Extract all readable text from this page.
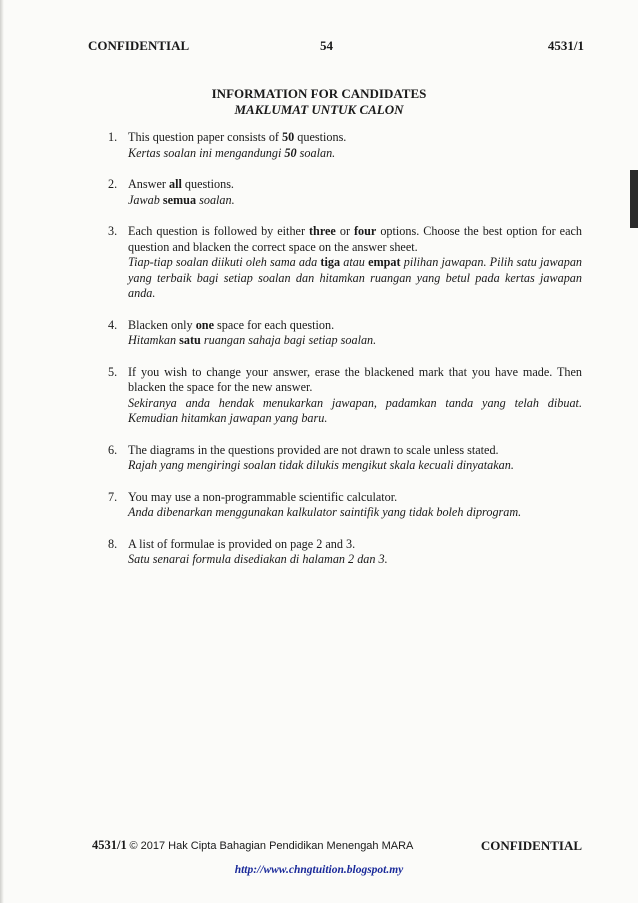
CONFIDENTIAL	54	4531/1
INFORMATION FOR CANDIDATES
MAKLUMAT UNTUK CALON
1. This question paper consists of 50 questions.
Kertas soalan ini mengandungi 50 soalan.
2. Answer all questions.
Jawab semua soalan.
3. Each question is followed by either three or four options. Choose the best option for each question and blacken the correct space on the answer sheet.
Tiap-tiap soalan diikuti oleh sama ada tiga atau empat pilihan jawapan. Pilih satu jawapan yang terbaik bagi setiap soalan dan hitamkan ruangan yang betul pada kertas jawapan anda.
4. Blacken only one space for each question.
Hitamkan satu ruangan sahaja bagi setiap soalan.
5. If you wish to change your answer, erase the blackened mark that you have made. Then blacken the space for the new answer.
Sekiranya anda hendak menukarkan jawapan, padamkan tanda yang telah dibuat. Kemudian hitamkan jawapan yang baru.
6. The diagrams in the questions provided are not drawn to scale unless stated.
Rajah yang mengiringi soalan tidak dilukis mengikut skala kecuali dinyatakan.
7. You may use a non-programmable scientific calculator.
Anda dibenarkan menggunakan kalkulator saintifik yang tidak boleh diprogram.
8. A list of formulae is provided on page 2 and 3.
Satu senarai formula disediakan di halaman 2 dan 3.
4531/1 © 2017 Hak Cipta Bahagian Pendidikan Menengah MARA	CONFIDENTIAL
http://www.chngtuition.blogspot.my
